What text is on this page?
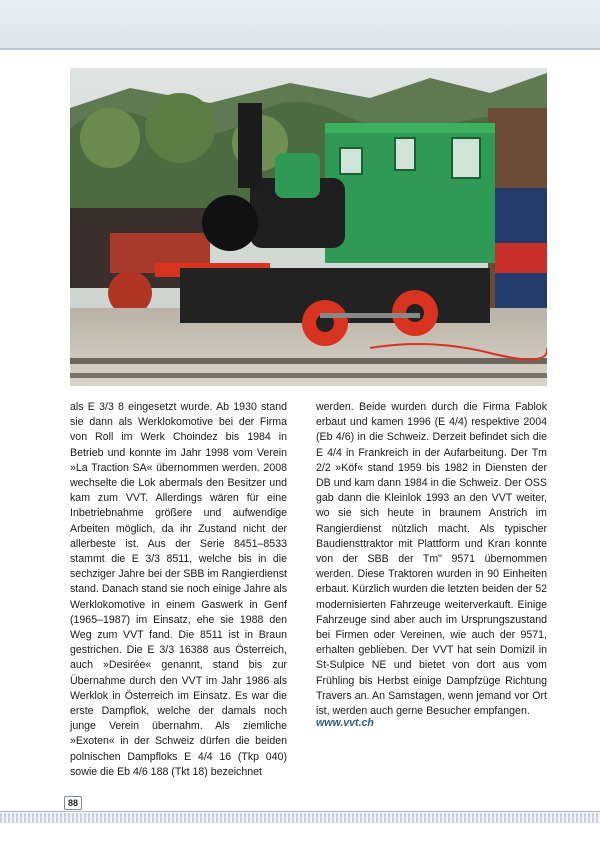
als E 3/3 8 eingesetzt wurde. Ab 1930 stand sie dann als Werklokomotive bei der Firma von Roll im Werk Choindez bis 1984 in Betrieb und konnte im Jahr 1998 vom Verein »La Traction SA« übernommen werden. 2008 wechselte die Lok abermals den Besitzer und kam zum VVT. Allerdings wären für eine Inbetriebnahme größere und aufwendige Arbeiten möglich, da ihr Zustand nicht der allerbeste ist. Aus der Serie 8451–8533 stammt die E 3/3 8511, welche bis in die sechziger Jahre bei der SBB im Rangierdienst stand. Danach stand sie noch einige Jahre als Werklokomotive in einem Gaswerk in Genf (1965–1987) im Einsatz, ehe sie 1988 den Weg zum VVT fand. Die 8511 ist in Braun gestrichen. Die E 3/3 16388 aus Österreich, auch »Desirée« genannt, stand bis zur Übernahme durch den VVT im Jahr 1986 als Werklok in Österreich im Einsatz. Es war die erste Dampflok, welche der damals noch junge Verein übernahm. Als ziemliche »Exoten« in der Schweiz dürfen die beiden polnischen Dampfloks E 4/4 16 (Tkp 040) sowie die Eb 4/6 188 (Tkt 18) bezeichnet

werden. Beide wurden durch die Firma Fablok erbaut und kamen 1996 (E 4/4) respektive 2004 (Eb 4/6) in die Schweiz. Derzeit befindet sich die E 4/4 in Frankreich in der Aufarbeitung. Der Tm 2/2 »Köf« stand 1959 bis 1982 in Diensten der DB und kam dann 1984 in die Schweiz. Der OSS gab dann die Kleinlok 1993 an den VVT weiter, wo sie sich heute in braunem Anstrich im Rangierdienst nützlich macht. Als typischer Baudiensttraktor mit Plattform und Kran konnte von der SBB der Tm" 9571 übernommen werden. Diese Traktoren wurden in 90 Einheiten erbaut. Kürzlich wurden die letzten beiden der 52 modernisierten Fahrzeuge weiterverkauft. Einige Fahrzeuge sind aber auch im Ursprungszustand bei Firmen oder Vereinen, wie auch der 9571, erhalten geblieben. Der VVT hat sein Domizil in St-Sulpice NE und bietet von dort aus vom Frühling bis Herbst einige Dampfzüge Richtung Travers an. An Samstagen, wenn jemand vor Ort ist, werden auch gerne Besucher empfangen.

www.vvt.ch
88
